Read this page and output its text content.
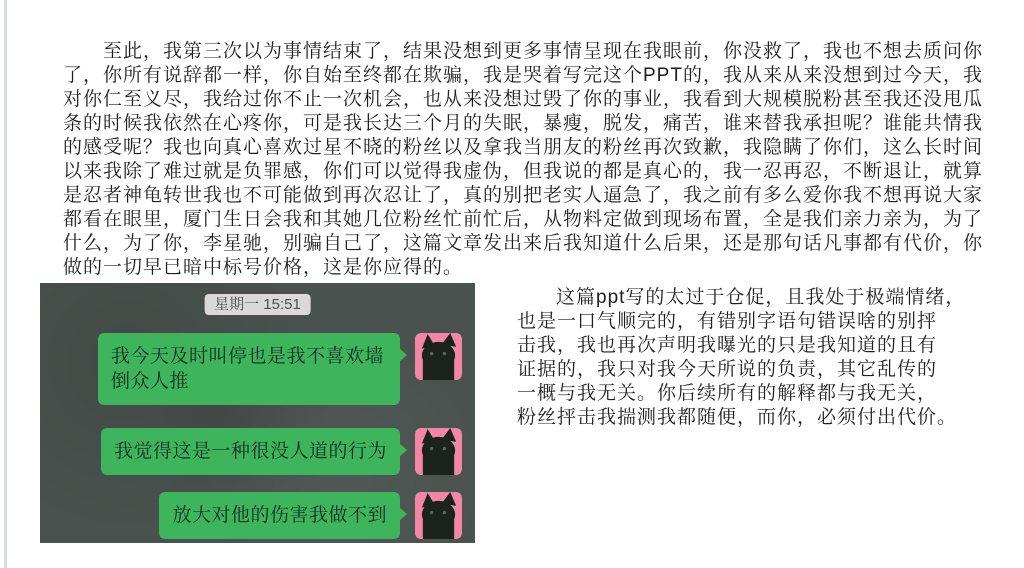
至此，我第三次以为事情结束了，结果没想到更多事情呈现在我眼前，你没救了，我也不想去质问你
了，你所有说辞都一样，你自始至终都在欺骗，我是哭着写完这个PPT的，我从来从来没想到过今天，我
对你仁至义尽，我给过你不止一次机会，也从来没想过毁了你的事业，我看到大规模脱粉甚至我还没甩瓜
条的时候我依然在心疼你，可是我长达三个月的失眠，暴瘦，脱发，痛苦，谁来替我承担呢？谁能共情我
的感受呢？我也向真心喜欢过星不晓的粉丝以及拿我当朋友的粉丝再次致歉，我隐瞒了你们，这么长时间
以来我除了难过就是负罪感，你们可以觉得我虚伪，但我说的都是真心的，我一忍再忍，不断退让，就算
是忍者神龟转世我也不可能做到再次忍让了，真的别把老实人逼急了，我之前有多么爱你我不想再说大家
都看在眼里，厦门生日会我和其她几位粉丝忙前忙后，从物料定做到现场布置，全是我们亲力亲为，为了
什么，为了你，李星驰，别骗自己了，这篇文章发出来后我知道什么后果，还是那句话凡事都有代价，你
做的一切早已暗中标号价格，这是你应得的。
星期一 15:51
我今天及时叫停也是我不喜欢墙倒众人推
我觉得这是一种很没人道的行为
放大对他的伤害我做不到
这篇ppt写的太过于仓促，且我处于极端情绪，
也是一口气顺完的，有错别字语句错误啥的别抨
击我，我也再次声明我曝光的只是我知道的且有
证据的，我只对我今天所说的负责，其它乱传的
一概与我无关。你后续所有的解释都与我无关，
粉丝抨击我揣测我都随便，而你，必须付出代价。
